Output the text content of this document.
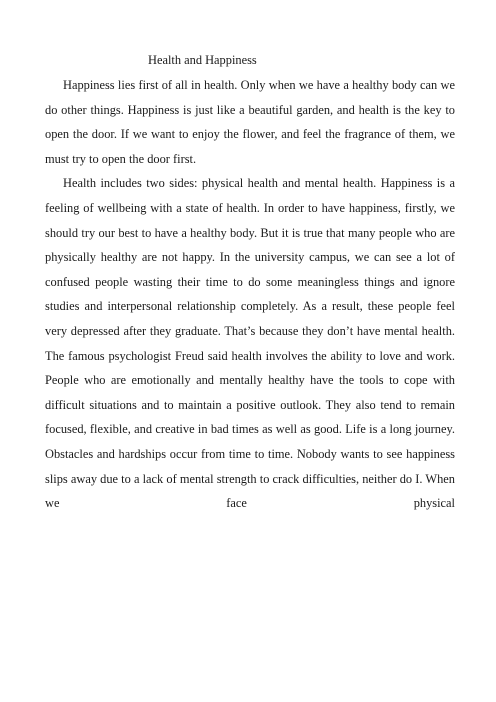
Health and Happiness

Happiness lies first of all in health. Only when we have a healthy body can we do other things. Happiness is just like a beautiful garden, and health is the key to open the door. If we want to enjoy the flower, and feel the fragrance of them, we must try to open the door first.

Health includes two sides: physical health and mental health. Happiness is a feeling of wellbeing with a state of health. In order to have happiness, firstly, we should try our best to have a healthy body. But it is true that many people who are physically healthy are not happy. In the university campus, we can see a lot of confused people wasting their time to do some meaningless things and ignore studies and interpersonal relationship completely. As a result, these people feel very depressed after they graduate. That’s because they don’t have mental health. The famous psychologist Freud said health involves the ability to love and work. People who are emotionally and mentally healthy have the tools to cope with difficult situations and to maintain a positive outlook. They also tend to remain focused, flexible, and creative in bad times as well as good. Life is a long journey. Obstacles and hardships occur from time to time. Nobody wants to see happiness slips away due to a lack of mental strength to crack difficulties, neither do I. When we face physical
